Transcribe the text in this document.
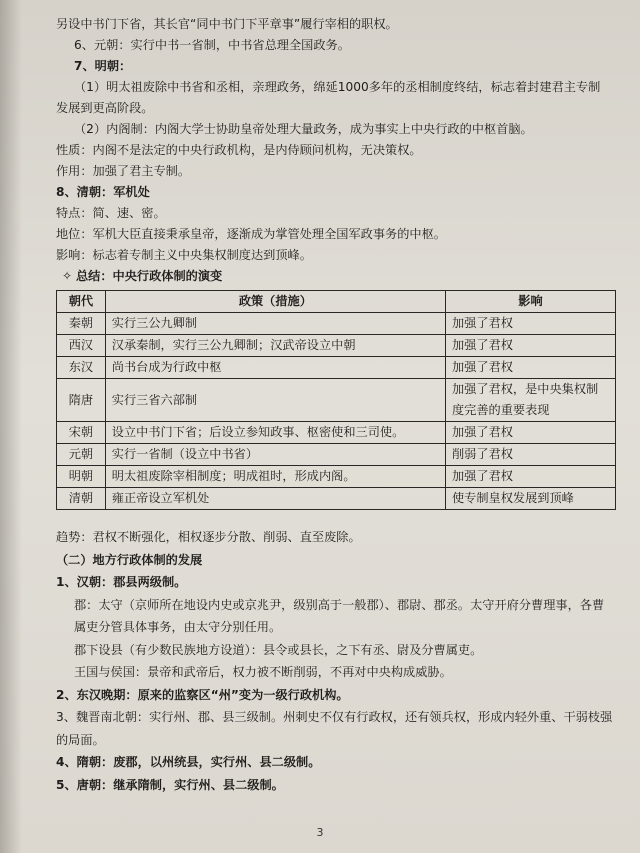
另设中书门下省，其长官“同中书门下平章事”履行宰相的职权。
6、元朝：实行中书一省制，中书省总理全国政务。
7、明朝：
（1）明太祖废除中书省和丞相，亲理政务，绵延1000多年的丞相制度终结，标志着封建君主专制
发展到更高阶段。
（2）内阁制：内阁大学士协助皇帝处理大量政务，成为事实上中央行政的中枢首脑。
性质：内阁不是法定的中央行政机构，是内侍顾问机构，无决策权。
作用：加强了君主专制。
8、清朝：军机处
特点：简、速、密。
地位：军机大臣直接秉承皇帝，逐渐成为掌管处理全国军政事务的中枢。
影响：标志着专制主义中央集权制度达到顶峰。
✧ 总结：中央行政体制的演变
朝代	政策（措施）	影响
秦朝	实行三公九卿制	加强了君权
西汉	汉承秦制，实行三公九卿制；汉武帝设立中朝	加强了君权
东汉	尚书台成为行政中枢	加强了君权
隋唐	实行三省六部制	加强了君权，是中央集权制度完善的重要表现
宋朝	设立中书门下省；后设立参知政事、枢密使和三司使。	加强了君权
元朝	实行一省制（设立中书省）	削弱了君权
明朝	明太祖废除宰相制度；明成祖时，形成内阁。	加强了君权
清朝	雍正帝设立军机处	使专制皇权发展到顶峰
趋势：君权不断强化，相权逐步分散、削弱、直至废除。
（二）地方行政体制的发展
1、汉朝：郡县两级制。
郡：太守（京师所在地设内史或京兆尹，级别高于一般郡）、郡尉、郡丞。太守开府分曹理事，各曹属吏分管具体事务，由太守分别任用。
郡下设县（有少数民族地方设道）：县令或县长，之下有丞、尉及分曹属吏。
王国与侯国：景帝和武帝后，权力被不断削弱，不再对中央构成威胁。
2、东汉晚期：原来的监察区“州”变为一级行政机构。
3、魏晋南北朝：实行州、郡、县三级制。州刺史不仅有行政权，还有领兵权，形成内轻外重、干弱枝强的局面。
4、隋朝：废郡，以州统县，实行州、县二级制。
5、唐朝：继承隋制，实行州、县二级制。
3
